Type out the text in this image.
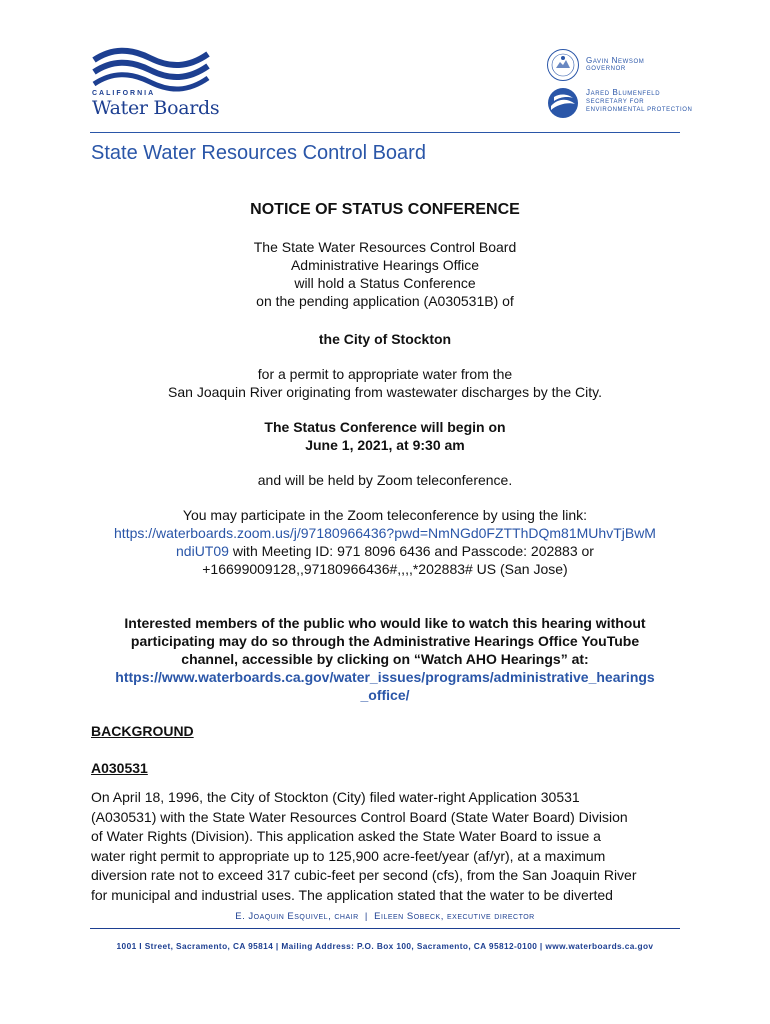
CALIFORNIA
Water Boards
Gavin Newsom
GOVERNOR
Jared Blumenfeld
SECRETARY FOR
ENVIRONMENTAL PROTECTION
State Water Resources Control Board
NOTICE OF STATUS CONFERENCE
The State Water Resources Control Board
Administrative Hearings Office
will hold a Status Conference
on the pending application (A030531B) of
the City of Stockton
for a permit to appropriate water from the
San Joaquin River originating from wastewater discharges by the City.
The Status Conference will begin on
June 1, 2021, at 9:30 am
and will be held by Zoom teleconference.
You may participate in the Zoom teleconference by using the link:
https://waterboards.zoom.us/j/97180966436?pwd=NmNGd0FZTThDQm81MUhvTjBwM
ndiUT09 with Meeting ID: 971 8096 6436 and Passcode: 202883 or
+16699009128,,97180966436#,,,,*202883# US (San Jose)
Interested members of the public who would like to watch this hearing without
participating may do so through the Administrative Hearings Office YouTube
channel, accessible by clicking on “Watch AHO Hearings” at:
https://www.waterboards.ca.gov/water_issues/programs/administrative_hearings
_office/
BACKGROUND
A030531
On April 18, 1996, the City of Stockton (City) filed water-right Application 30531
(A030531) with the State Water Resources Control Board (State Water Board) Division
of Water Rights (Division). This application asked the State Water Board to issue a
water right permit to appropriate up to 125,900 acre-feet/year (af/yr), at a maximum
diversion rate not to exceed 317 cubic-feet per second (cfs), from the San Joaquin River
for municipal and industrial uses. The application stated that the water to be diverted
E. Joaquin Esquivel, chair | Eileen Sobeck, executive director
1001 I Street, Sacramento, CA 95814 | Mailing Address: P.O. Box 100, Sacramento, CA 95812-0100 | www.waterboards.ca.gov
